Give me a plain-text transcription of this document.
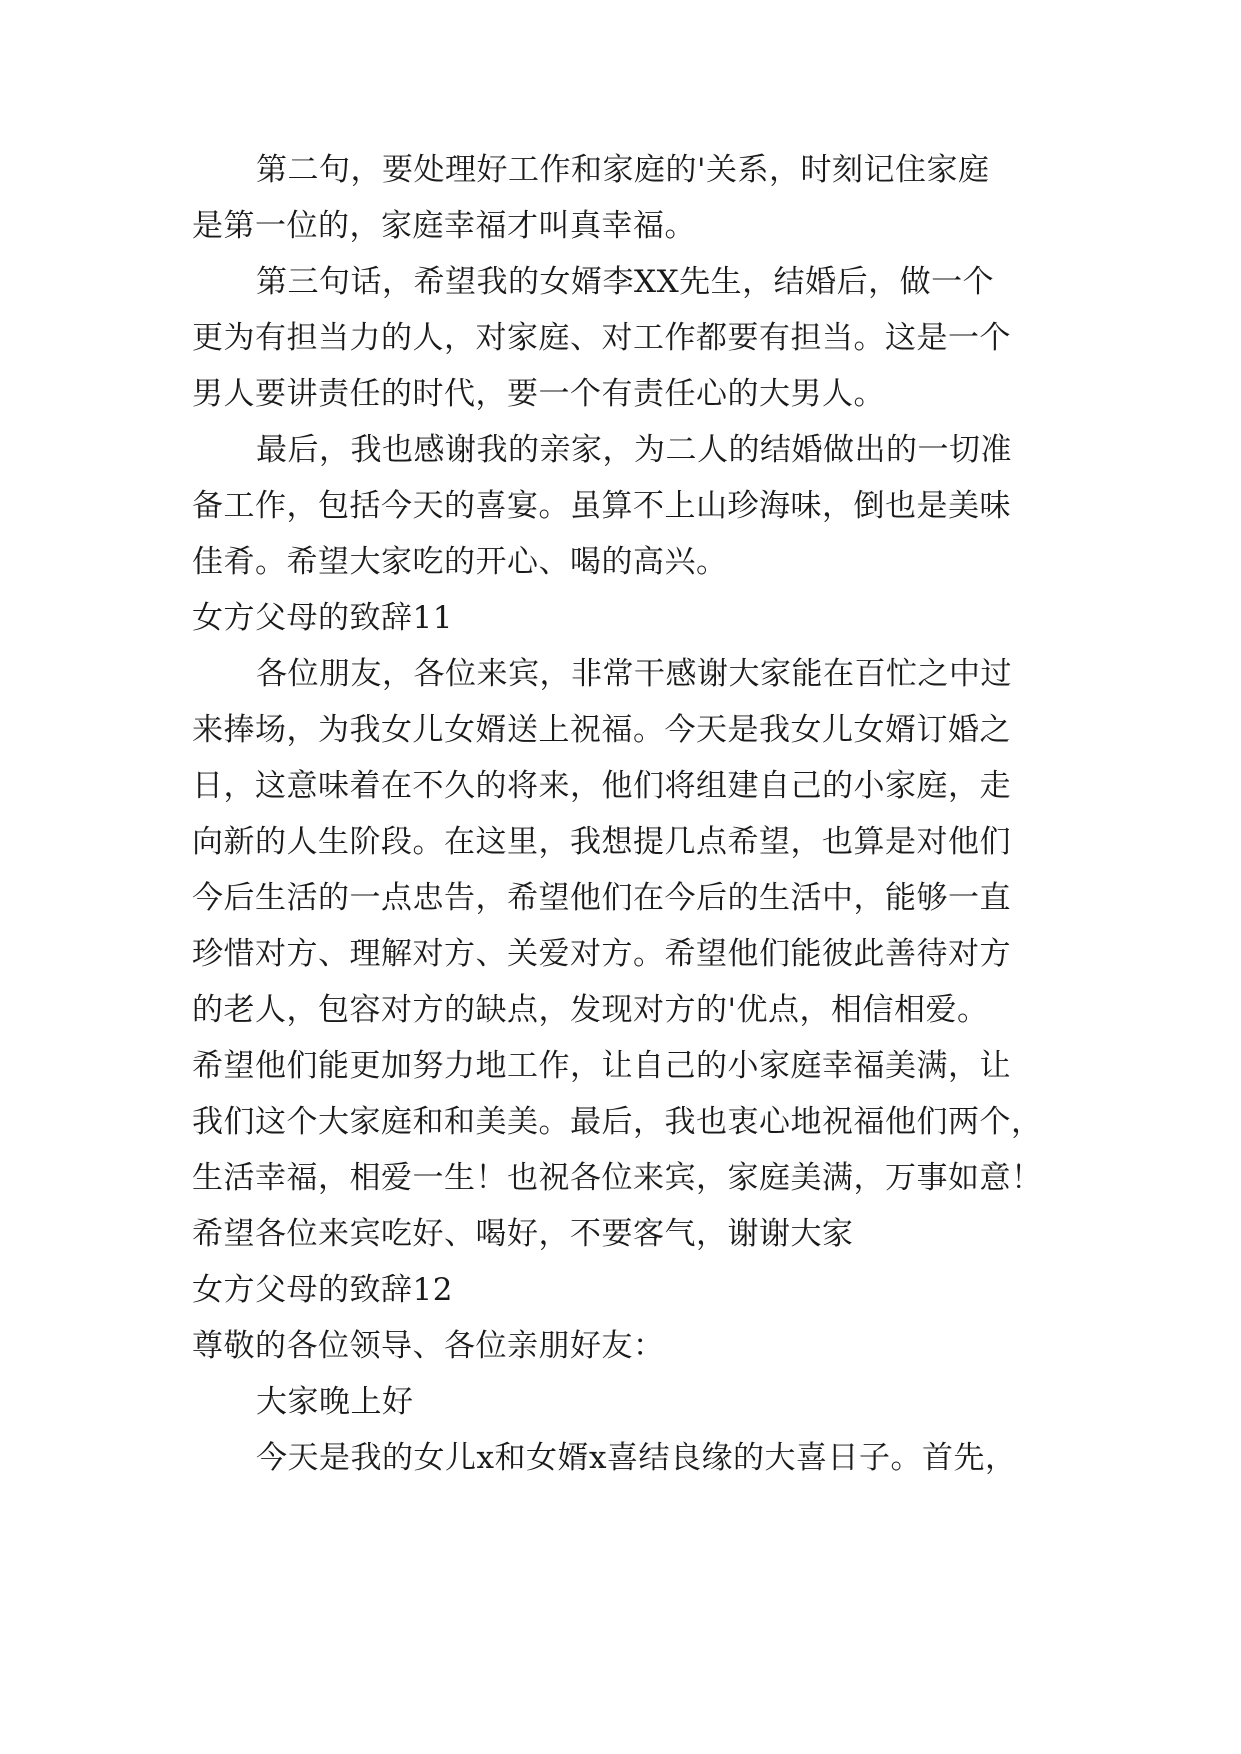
第二句，要处理好工作和家庭的'关系，时刻记住家庭
是第一位的，家庭幸福才叫真幸福。
第三句话，希望我的女婿李XX先生，结婚后，做一个
更为有担当力的人，对家庭、对工作都要有担当。这是一个
男人要讲责任的时代，要一个有责任心的大男人。
最后，我也感谢我的亲家，为二人的结婚做出的一切准
备工作，包括今天的喜宴。虽算不上山珍海味，倒也是美味
佳肴。希望大家吃的开心、喝的高兴。
女方父母的致辞11
各位朋友，各位来宾，非常干感谢大家能在百忙之中过
来捧场，为我女儿女婿送上祝福。今天是我女儿女婿订婚之
日，这意味着在不久的将来，他们将组建自己的小家庭，走
向新的人生阶段。在这里，我想提几点希望，也算是对他们
今后生活的一点忠告，希望他们在今后的生活中，能够一直
珍惜对方、理解对方、关爱对方。希望他们能彼此善待对方
的老人，包容对方的缺点，发现对方的'优点，相信相爱。
希望他们能更加努力地工作，让自己的小家庭幸福美满，让
我们这个大家庭和和美美。最后，我也衷心地祝福他们两个，
生活幸福，相爱一生！也祝各位来宾，家庭美满，万事如意！
希望各位来宾吃好、喝好，不要客气，谢谢大家
女方父母的致辞12
尊敬的各位领导、各位亲朋好友：
大家晚上好
今天是我的女儿x和女婿x喜结良缘的大喜日子。首先，
